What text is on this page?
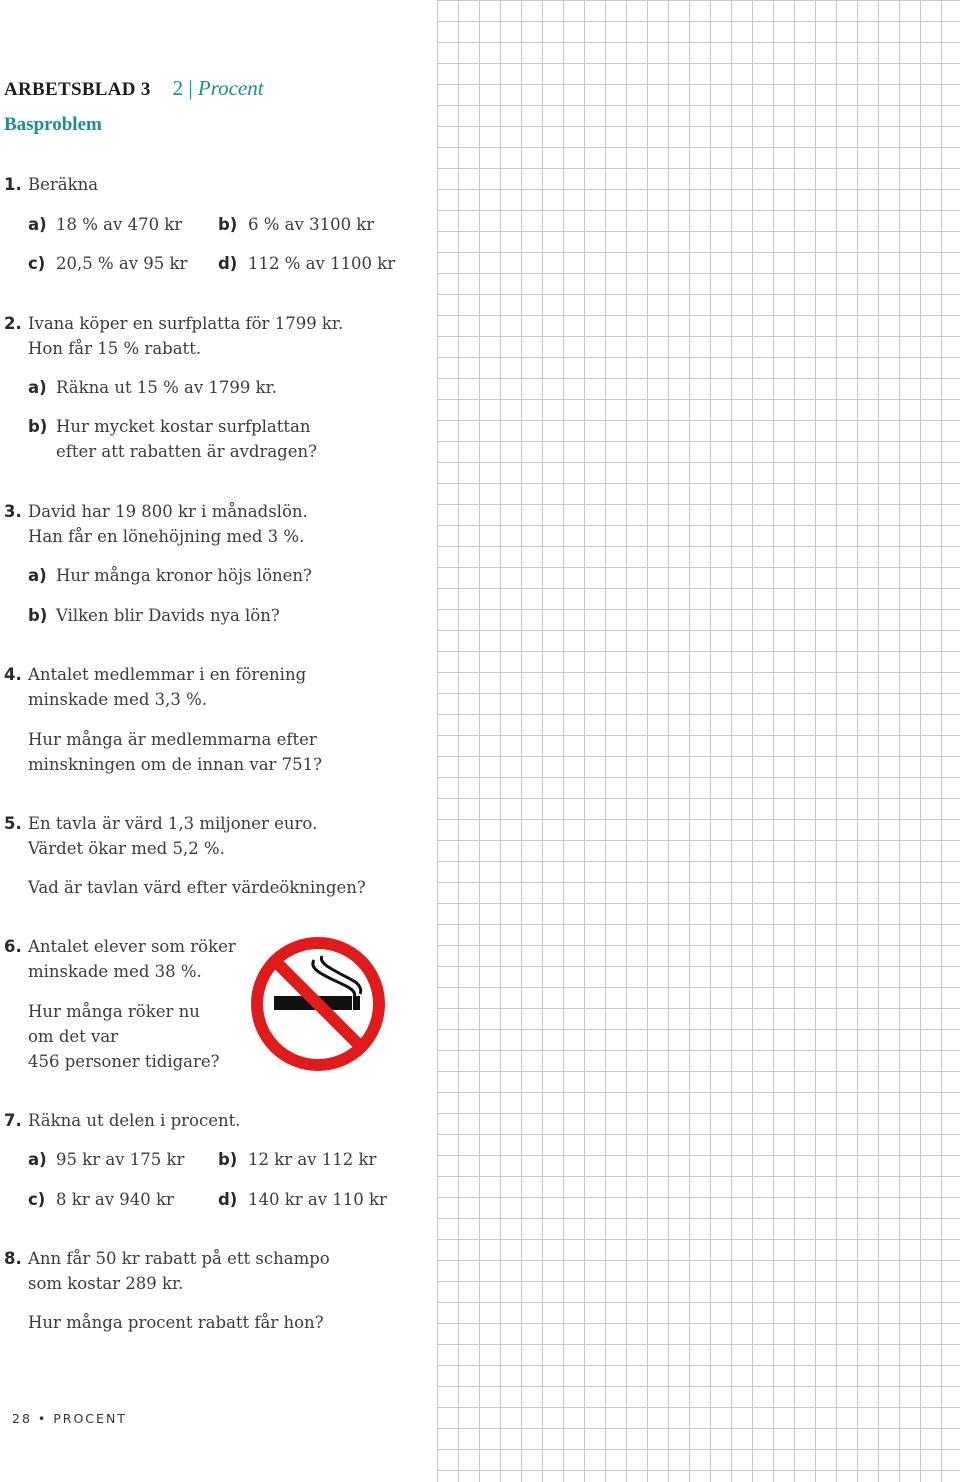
ARBETSBLAD 3 2 | Procent
Basproblem
1. Beräkna
a) 18 % av 470 kr b) 6 % av 3100 kr
c) 20,5 % av 95 kr d) 112 % av 1100 kr
2. Ivana köper en surfplatta för 1799 kr.
Hon får 15 % rabatt.
a) Räkna ut 15 % av 1799 kr.
b) Hur mycket kostar surfplattan
efter att rabatten är avdragen?
3. David har 19 800 kr i månadslön.
Han får en lönehöjning med 3 %.
a) Hur många kronor höjs lönen?
b) Vilken blir Davids nya lön?
4. Antalet medlemmar i en förening
minskade med 3,3 %.
Hur många är medlemmarna efter
minskningen om de innan var 751?
5. En tavla är värd 1,3 miljoner euro.
Värdet ökar med 5,2 %.
Vad är tavlan värd efter värdeökningen?
6. Antalet elever som röker
minskade med 38 %.
Hur många röker nu
om det var
456 personer tidigare?
7. Räkna ut delen i procent.
a) 95 kr av 175 kr b) 12 kr av 112 kr
c) 8 kr av 940 kr	d) 140 kr av 110 kr
8. Ann får 50 kr rabatt på ett schampo
som kostar 289 kr.
Hur många procent rabatt får hon?
28 • PROCENT
